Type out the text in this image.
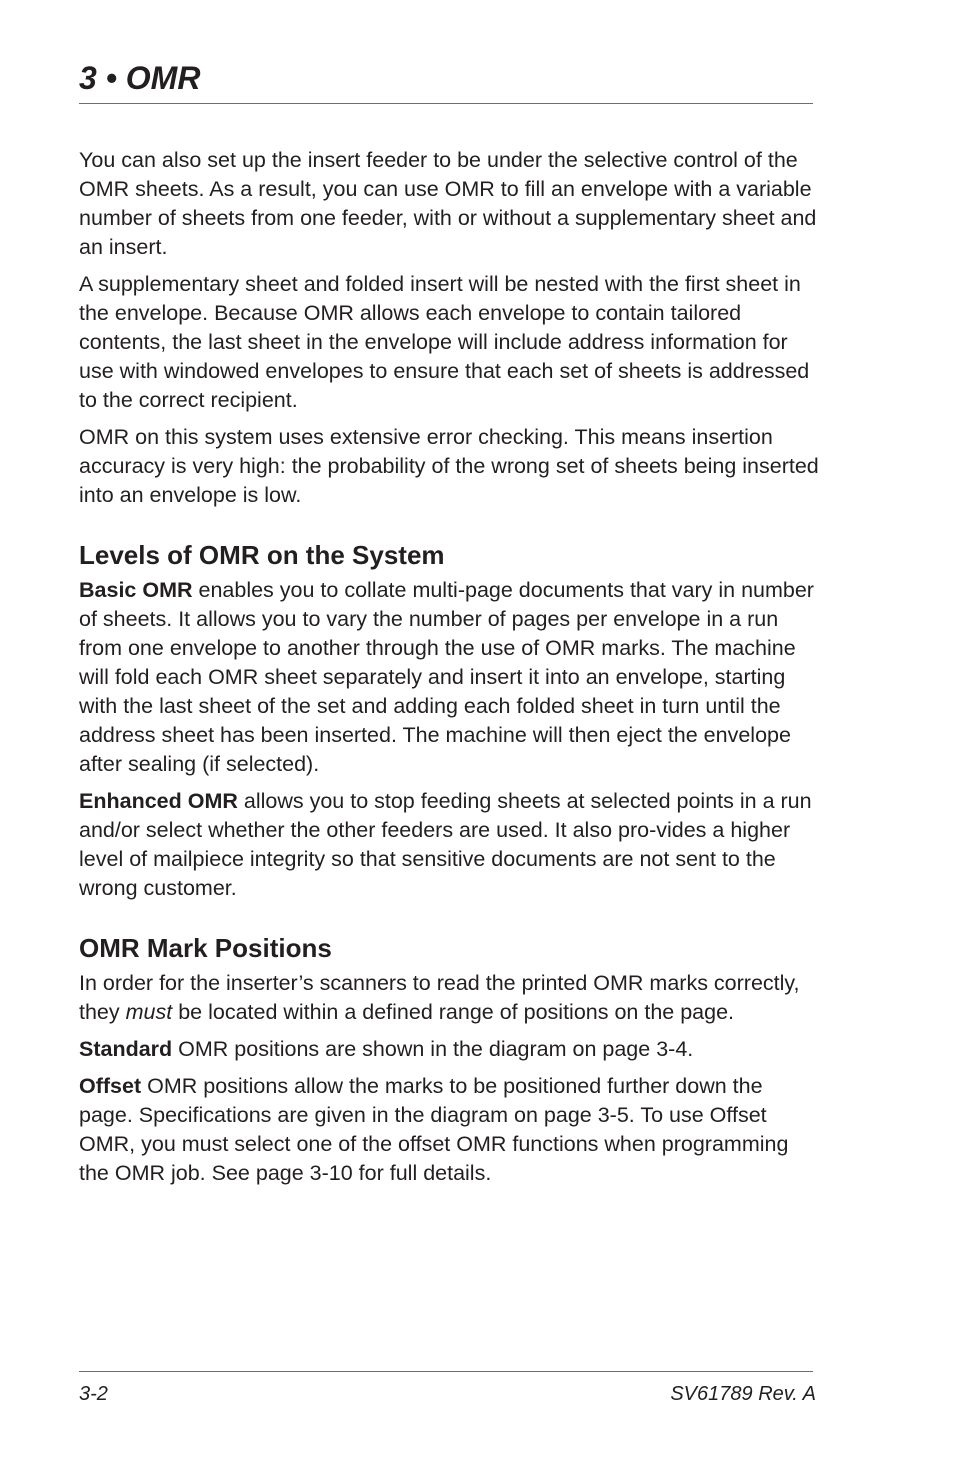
3 • OMR

You can also set up the insert feeder to be under the selective control of the OMR sheets. As a result, you can use OMR to fill an envelope with a variable number of sheets from one feeder, with or without a supplementary sheet and an insert.

A supplementary sheet and folded insert will be nested with the first sheet in the envelope. Because OMR allows each envelope to contain tailored contents, the last sheet in the envelope will include address information for use with windowed envelopes to ensure that each set of sheets is addressed to the correct recipient.

OMR on this system uses extensive error checking. This means insertion accuracy is very high: the probability of the wrong set of sheets being inserted into an envelope is low.

Levels of OMR on the System

Basic OMR enables you to collate multi-page documents that vary in number of sheets. It allows you to vary the number of pages per envelope in a run from one envelope to another through the use of OMR marks. The machine will fold each OMR sheet separately and insert it into an envelope, starting with the last sheet of the set and adding each folded sheet in turn until the address sheet has been inserted. The machine will then eject the envelope after sealing (if selected).

Enhanced OMR allows you to stop feeding sheets at selected points in a run and/or select whether the other feeders are used. It also pro-vides a higher level of mailpiece integrity so that sensitive documents are not sent to the wrong customer.

OMR Mark Positions

In order for the inserter’s scanners to read the printed OMR marks correctly, they must be located within a defined range of positions on the page.

Standard OMR positions are shown in the diagram on page 3-4.

Offset OMR positions allow the marks to be positioned further down the page. Specifications are given in the diagram on page 3-5. To use Offset OMR, you must select one of the offset OMR functions when programming the OMR job. See page 3-10 for full details.

3-2	SV61789 Rev. A
